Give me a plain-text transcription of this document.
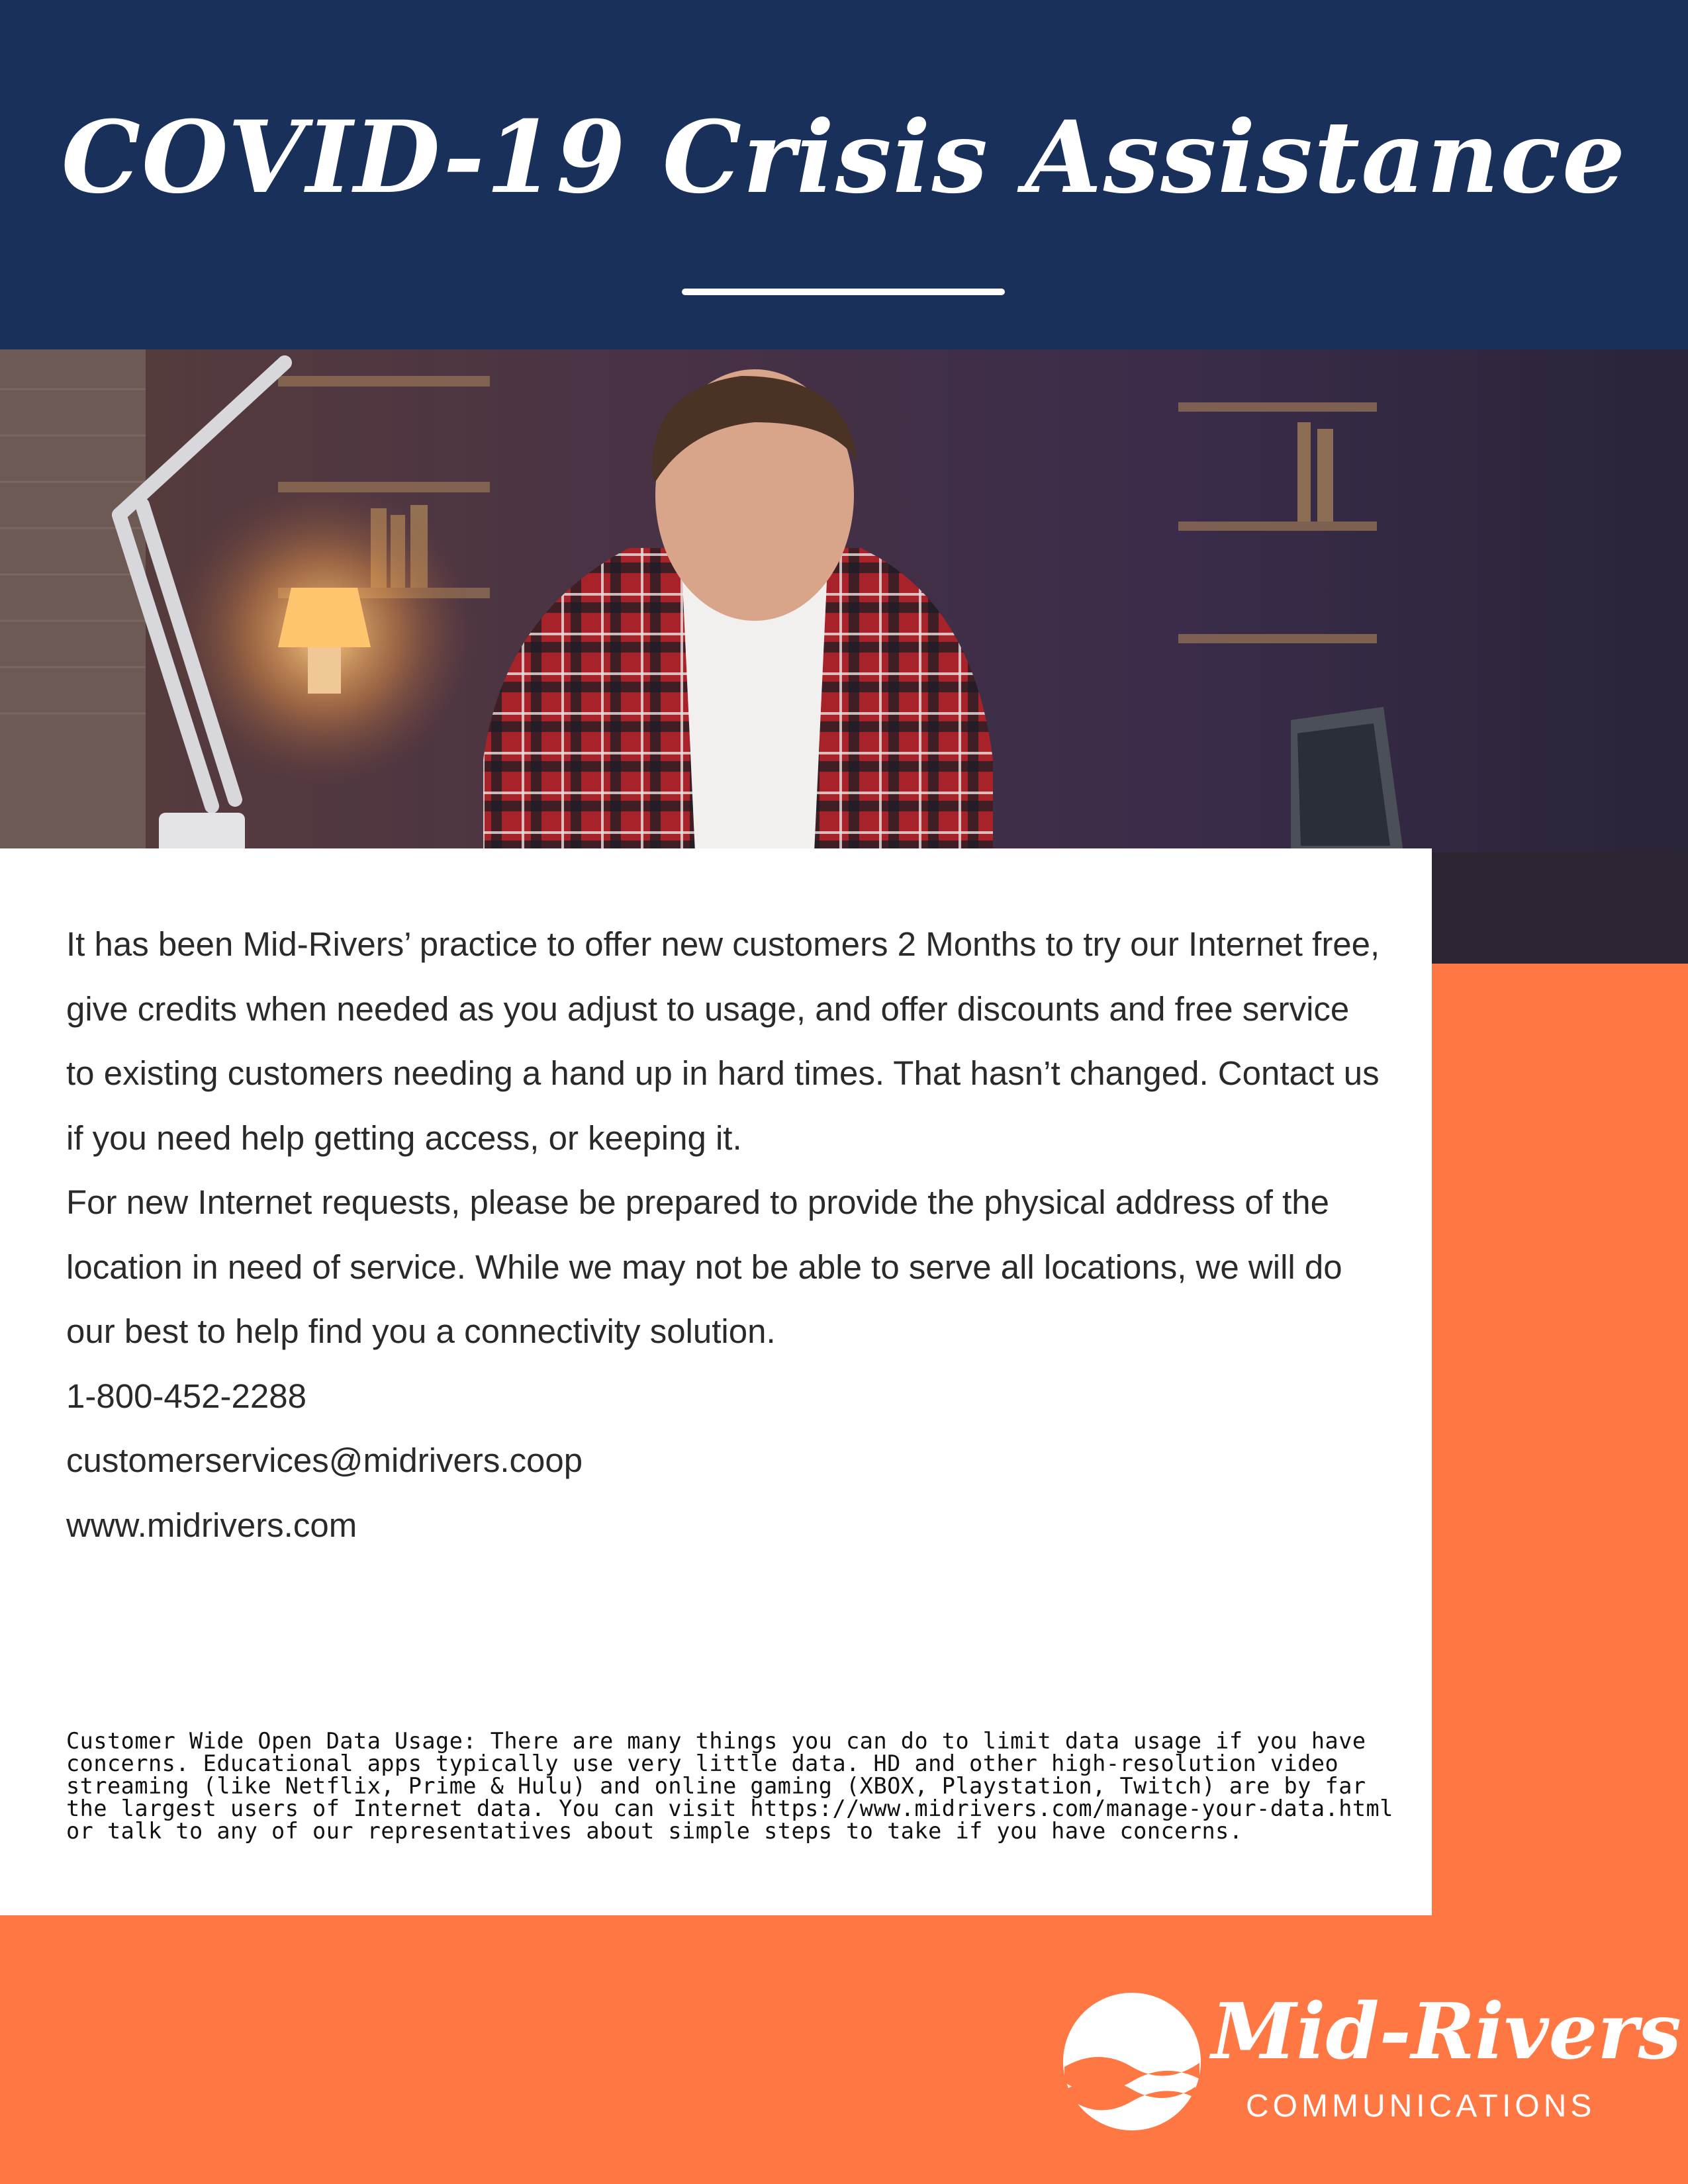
COVID-19 Crisis Assistance

It has been Mid-Rivers’ practice to offer new customers 2 Months to try our Internet free, give credits when needed as you adjust to usage, and offer discounts and free service to existing customers needing a hand up in hard times. That hasn’t changed. Contact us if you need help getting access, or keeping it.

For new Internet requests, please be prepared to provide the physical address of the location in need of service. While we may not be able to serve all locations, we will do our best to help find you a connectivity solution.

1-800-452-2288

customerservices@midrivers.coop

www.midrivers.com

Customer Wide Open Data Usage: There are many things you can do to limit data usage if you have concerns. Educational apps typically use very little data. HD and other high-resolution video streaming (like Netflix, Prime & Hulu) and online gaming (XBOX, Playstation, Twitch) are by far the largest users of Internet data. You can visit https://www.midrivers.com/manage-your-data.html or talk to any of our representatives about simple steps to take if you have concerns.

Mid-Rivers
COMMUNICATIONS
